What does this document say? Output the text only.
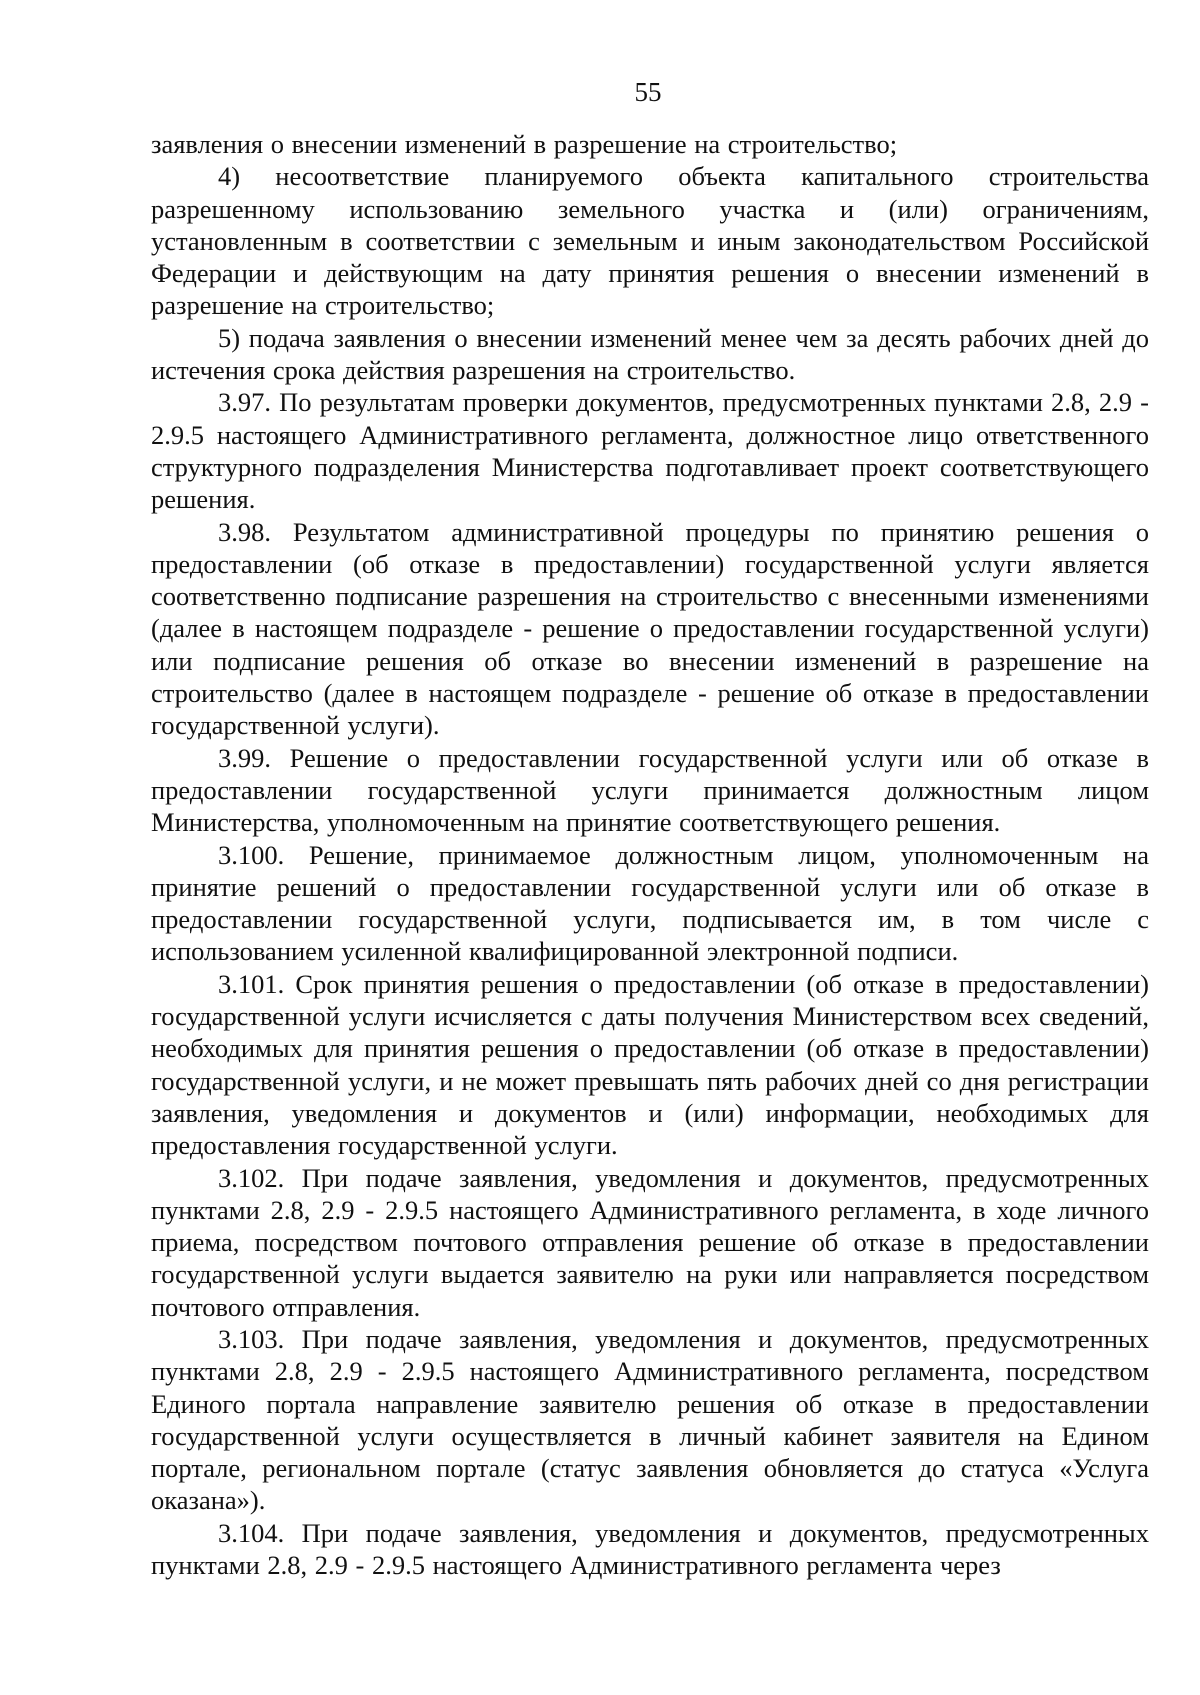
55

заявления о внесении изменений в разрешение на строительство;

4) несоответствие планируемого объекта капитального строительства разрешенному использованию земельного участка и (или) ограничениям, установленным в соответствии с земельным и иным законодательством Российской Федерации и действующим на дату принятия решения о внесении изменений в разрешение на строительство;

5) подача заявления о внесении изменений менее чем за десять рабочих дней до истечения срока действия разрешения на строительство.

3.97. По результатам проверки документов, предусмотренных пунктами 2.8, 2.9 - 2.9.5 настоящего Административного регламента, должностное лицо ответственного структурного подразделения Министерства подготавливает проект соответствующего решения.

3.98. Результатом административной процедуры по принятию решения о предоставлении (об отказе в предоставлении) государственной услуги является соответственно подписание разрешения на строительство с внесенными изменениями (далее в настоящем подразделе - решение о предоставлении государственной услуги) или подписание решения об отказе во внесении изменений в разрешение на строительство (далее в настоящем подразделе - решение об отказе в предоставлении государственной услуги).

3.99. Решение о предоставлении государственной услуги или об отказе в предоставлении государственной услуги принимается должностным лицом Министерства, уполномоченным на принятие соответствующего решения.

3.100. Решение, принимаемое должностным лицом, уполномоченным на принятие решений о предоставлении государственной услуги или об отказе в предоставлении государственной услуги, подписывается им, в том числе с использованием усиленной квалифицированной электронной подписи.

3.101. Срок принятия решения о предоставлении (об отказе в предоставлении) государственной услуги исчисляется с даты получения Министерством всех сведений, необходимых для принятия решения о предоставлении (об отказе в предоставлении) государственной услуги, и не может превышать пять рабочих дней со дня регистрации заявления, уведомления и документов и (или) информации, необходимых для предоставления государственной услуги.

3.102. При подаче заявления, уведомления и документов, предусмотренных пунктами 2.8, 2.9 - 2.9.5 настоящего Административного регламента, в ходе личного приема, посредством почтового отправления решение об отказе в предоставлении государственной услуги выдается заявителю на руки или направляется посредством почтового отправления.

3.103. При подаче заявления, уведомления и документов, предусмотренных пунктами 2.8, 2.9 - 2.9.5 настоящего Административного регламента, посредством Единого портала направление заявителю решения об отказе в предоставлении государственной услуги осуществляется в личный кабинет заявителя на Едином портале, региональном портале (статус заявления обновляется до статуса «Услуга оказана»).

3.104. При подаче заявления, уведомления и документов, предусмотренных пунктами 2.8, 2.9 - 2.9.5 настоящего Административного регламента через
